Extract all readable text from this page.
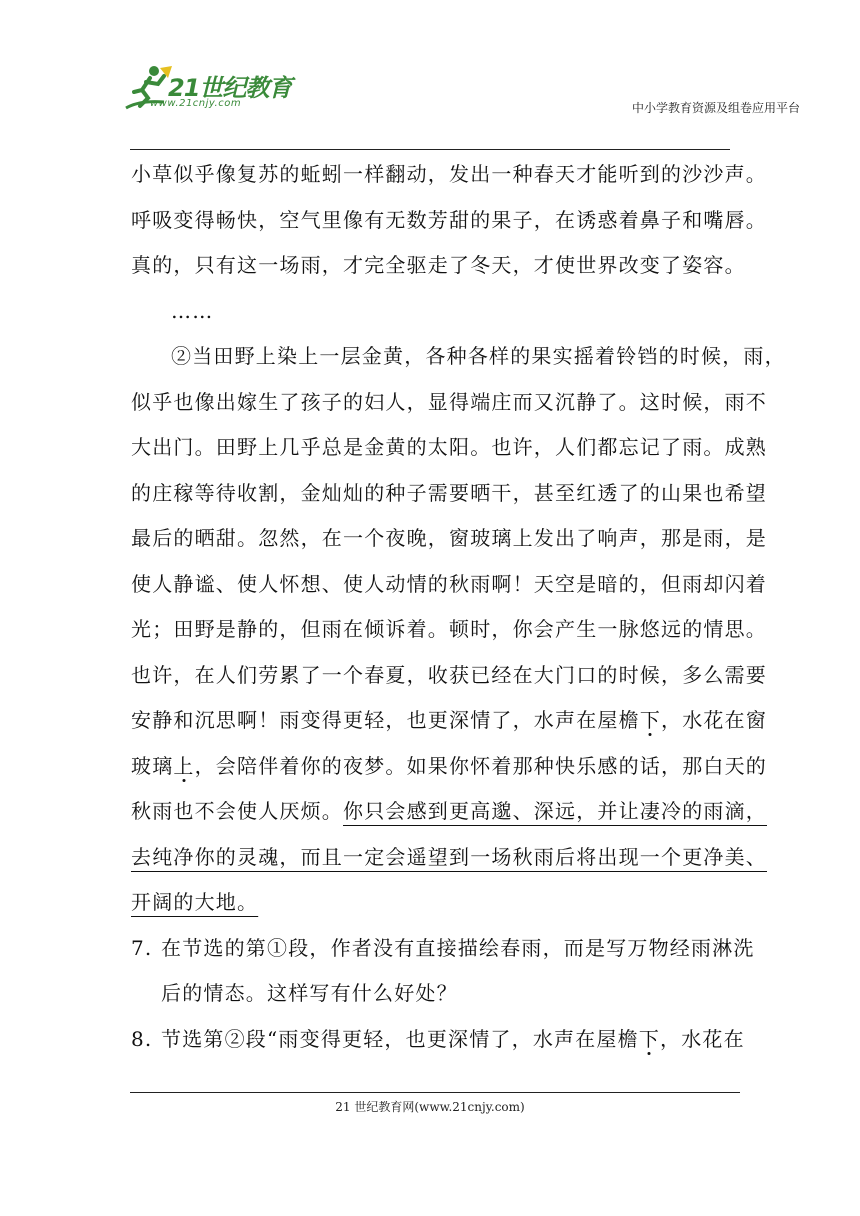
21世纪教育
www.21cnjy.com	中小学教育资源及组卷应用平台
小草似乎像复苏的蚯蚓一样翻动，发出一种春天才能听到的沙沙声。
呼吸变得畅快，空气里像有无数芳甜的果子，在诱惑着鼻子和嘴唇。
真的，只有这一场雨，才完全驱走了冬天，才使世界改变了姿容。
……
②当田野上染上一层金黄，各种各样的果实摇着铃铛的时候，雨，
似乎也像出嫁生了孩子的妇人，显得端庄而又沉静了。这时候，雨不
大出门。田野上几乎总是金黄的太阳。也许，人们都忘记了雨。成熟
的庄稼等待收割，金灿灿的种子需要晒干，甚至红透了的山果也希望
最后的晒甜。忽然，在一个夜晚，窗玻璃上发出了响声，那是雨，是
使人静谧、使人怀想、使人动情的秋雨啊！天空是暗的，但雨却闪着
光；田野是静的，但雨在倾诉着。顿时，你会产生一脉悠远的情思。
也许，在人们劳累了一个春夏，收获已经在大门口的时候，多么需要
安静和沉思啊！雨变得更轻，也更深情了，水声在屋檐下，水花在窗
玻璃上，会陪伴着你的夜梦。如果你怀着那种快乐感的话，那白天的
秋雨也不会使人厌烦。你只会感到更高邈、深远，并让凄冷的雨滴，
去纯净你的灵魂，而且一定会遥望到一场秋雨后将出现一个更净美、
开阔的大地。
7. 在节选的第①段，作者没有直接描绘春雨，而是写万物经雨淋洗
后的情态。这样写有什么好处？
8. 节选第②段“雨变得更轻，也更深情了，水声在屋檐下，水花在
21 世纪教育网(www.21cnjy.com)
